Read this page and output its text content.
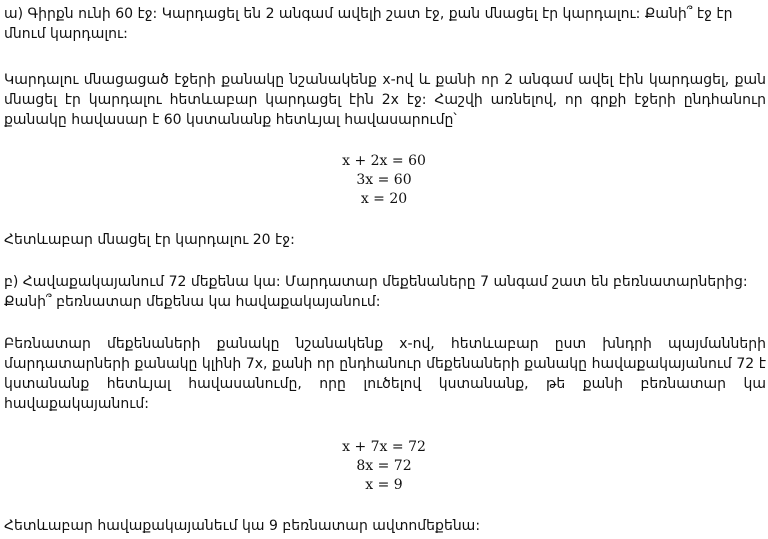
ա) Գիրքն ունի 60 էջ: Կարդացել են 2 անգամ ավելի շատ էջ, քան մնացել էր կարդալու: Քանի՞ էջ էր մնում կարդալու:
Կարդալու մնացացած էջերի քանակը նշանակենք x-ով և քանի որ 2 անգամ ավել էին կարդացել, քան մնացել էր կարդալու հետևաբար կարդացել էին 2x էջ: Հաշվի առնելով, որ գրքի էջերի ընդհանուր քանակը հավասար է 60 կստանանք հետևյալ հավասարումը՝
x + 2x = 60
3x = 60
x = 20
Հետևաբար մնացել էր կարդալու 20 էջ:
բ) Հավաքակայանում 72 մեքենա կա: Մարդատար մեքենաները 7 անգամ շատ են բեռնատարներից: Քանի՞ բեռնատար մեքենա կա հավաքակայանում:
Բեռնատար մեքենաների քանակը նշանակենք x-ով, հետևաբար ըստ խնդրի պայմանների մարդատարների քանակը կլինի 7x, քանի որ ընդհանուր մեքենաների քանակը հավաքակայանում 72 է կստանանք հետևյալ հավասանումը, որը լուծելով կստանանք, թե քանի բեռնատար կա հավաքակայանում:
x + 7x = 72
8x = 72
x = 9
Հետևաբար հավաքակայանեւմ կա 9 բեռնատար ավտոմեքենա:
